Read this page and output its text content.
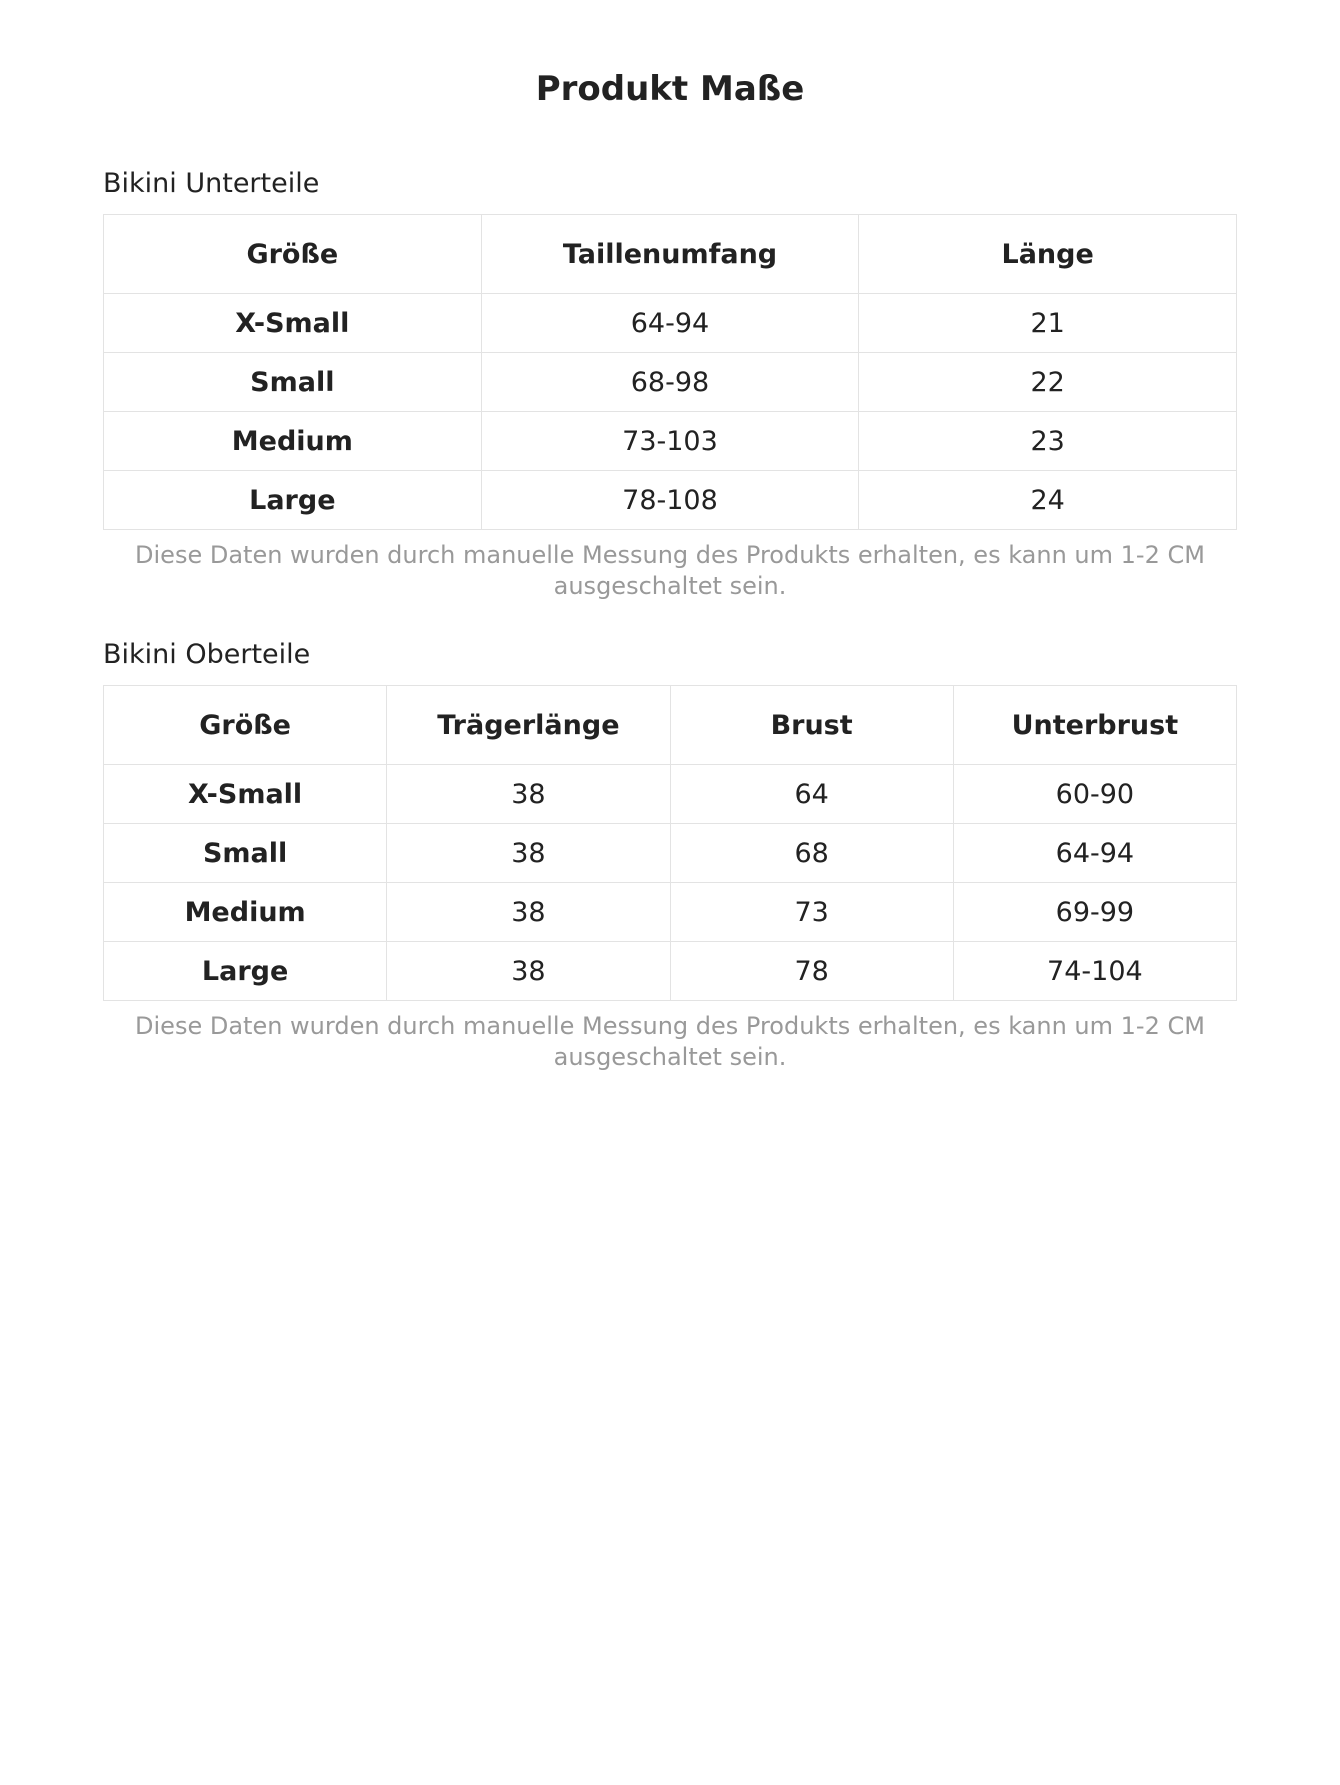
Produkt Maße
Bikini Unterteile
Größe	Taillenumfang	Länge
X-Small	64-94	21
Small	68-98	22
Medium	73-103	23
Large	78-108	24
Diese Daten wurden durch manuelle Messung des Produkts erhalten, es kann um 1-2 CM ausgeschaltet sein.
Bikini Oberteile
Größe	Trägerlänge	Brust	Unterbrust
X-Small	38	64	60-90
Small	38	68	64-94
Medium	38	73	69-99
Large	38	78	74-104
Diese Daten wurden durch manuelle Messung des Produkts erhalten, es kann um 1-2 CM ausgeschaltet sein.
